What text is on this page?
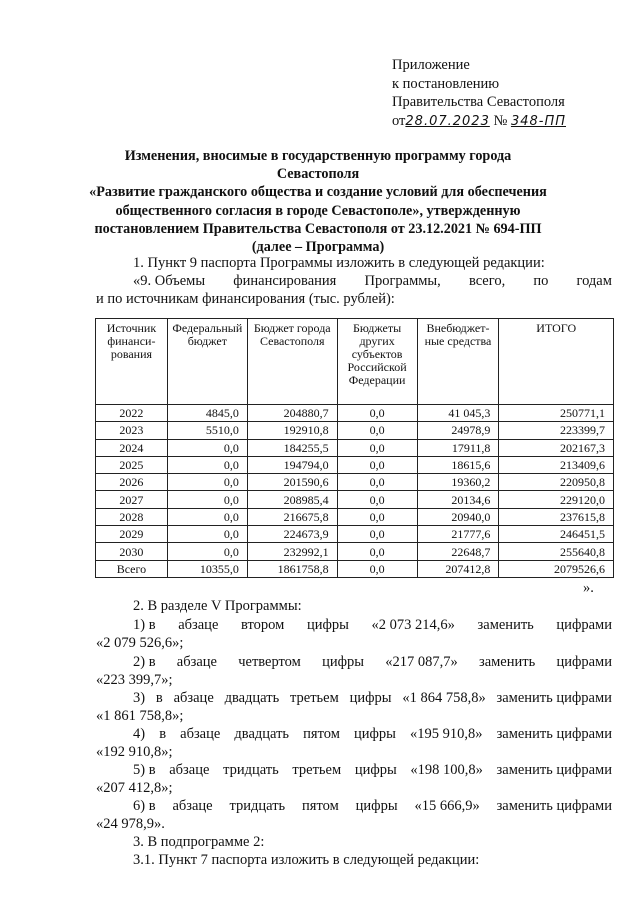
Приложение
к постановлению
Правительства Севастополя
от28.07.2023 № 348-ПП
Изменения, вносимые в государственную программу города Севастополя
«Развитие гражданского общества и создание условий для обеспечения
общественного согласия в городе Севастополе», утвержденную
постановлением Правительства Севастополя от 23.12.2021 № 694-ПП
(далее – Программа)
1. Пункт 9 паспорта Программы изложить в следующей редакции:
«9. Объемы финансирования Программы, всего, по годам
и по источникам финансирования (тыс. рублей):
Источник финанси-рования	Федеральный бюджет	Бюджет города Севастополя	Бюджеты других субъектов Российской Федерации	Внебюджет-ные средства	ИТОГО
2022	4845,0	204880,7	0,0	41 045,3	250771,1
2023	5510,0	192910,8	0,0	24978,9	223399,7
2024	0,0	184255,5	0,0	17911,8	202167,3
2025	0,0	194794,0	0,0	18615,6	213409,6
2026	0,0	201590,6	0,0	19360,2	220950,8
2027	0,0	208985,4	0,0	20134,6	229120,0
2028	0,0	216675,8	0,0	20940,0	237615,8
2029	0,0	224673,9	0,0	21777,6	246451,5
2030	0,0	232992,1	0,0	22648,7	255640,8
Всего	10355,0	1861758,8	0,0	207412,8	2079526,6
».
2. В разделе V Программы:
1) в абзаце втором цифры «2 073 214,6» заменить цифрами
«2 079 526,6»;
2) в абзаце четвертом цифры «217 087,7» заменить цифрами
«223 399,7»;
3) в абзаце двадцать третьем цифры «1 864 758,8» заменить цифрами
«1 861 758,8»;
4) в абзаце двадцать пятом цифры «195 910,8» заменить цифрами
«192 910,8»;
5) в абзаце тридцать третьем цифры «198 100,8» заменить цифрами
«207 412,8»;
6) в абзаце тридцать пятом цифры «15 666,9» заменить цифрами
«24 978,9».
3. В подпрограмме 2:
3.1. Пункт 7 паспорта изложить в следующей редакции:
